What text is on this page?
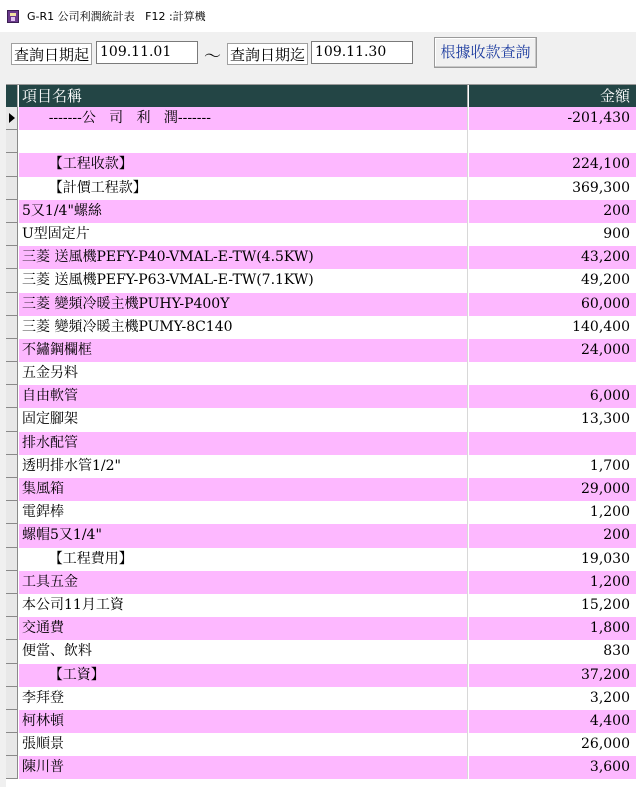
G-R1 公司利潤統計表   F12 :計算機
查詢日期起 109.11.01	～ 查詢日期迄 109.11.30	根據收款查詢
項目名稱	金額
-------公   司   利   潤-------	-201,430
【工程收款】	224,100
【計價工程款】	369,300
5又1/4"螺絲	200
U型固定片	900
三菱 送風機PEFY-P40-VMAL-E-TW(4.5KW)	43,200
三菱 送風機PEFY-P63-VMAL-E-TW(7.1KW)	49,200
三菱 變頻冷暖主機PUHY-P400Y	60,000
三菱 變頻冷暖主機PUMY-8C140	140,400
不鏽鋼欄框	24,000
五金另料
自由軟管	6,000
固定腳架	13,300
排水配管
透明排水管1/2"	1,700
集風箱	29,000
電銲棒	1,200
螺帽5又1/4"	200
【工程費用】	19,030
工具五金	1,200
本公司11月工資	15,200
交通費	1,800
便當、飲料	830
【工資】	37,200
李拜登	3,200
柯林頓	4,400
張順景	26,000
陳川普	3,600
